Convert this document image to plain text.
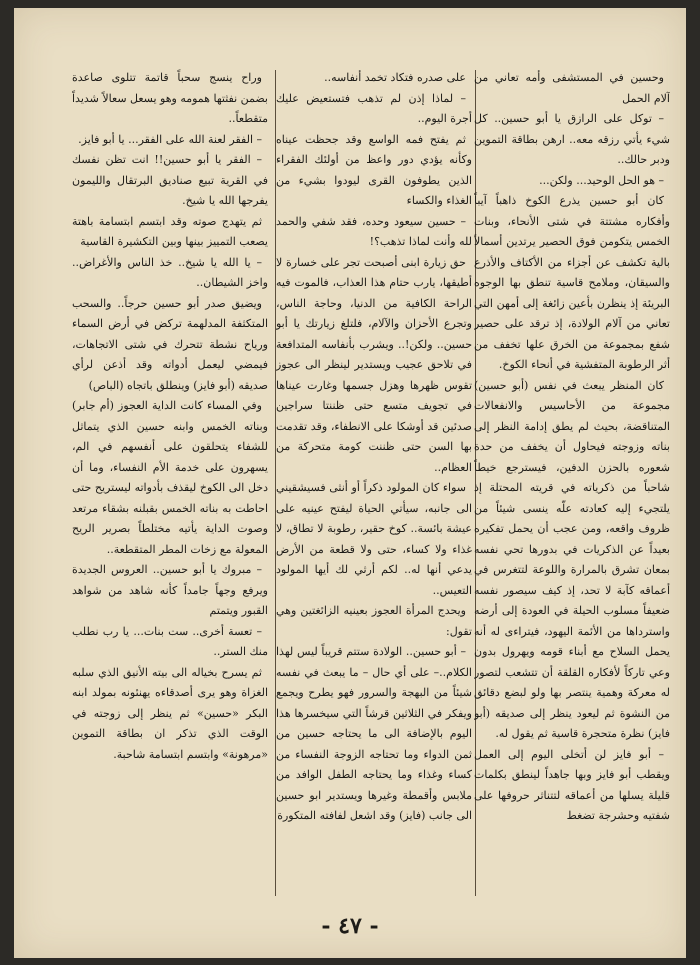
وحسين في المستشفى وأمه تعاني من آلام الحمل

– توكل على الرازق يا أبو حسين.. كل شيء يأتي رزقه معه.. ارهن بطاقة التموين ودبر حالك..

– هو الحل الوحيد... ولكن...

كان أبو حسين يذرع الكوخ ذاهباً آيباً وأفكاره مشتتة في شتى الأنحاء، وبنات الخمس يتكومن فوق الحصير يرتدين أسمالاً بالية تكشف عن أجزاء من الأكتاف والأذرع والسيقان، وملامح قاسية تنطق بها الوجوه البريئة إذ ينظرن بأعين زائغة إلى أمهن التي تعاني من آلام الولادة، إذ ترقد على حصير شفع بمجموعة من الخرق علها تخفف من أثر الرطوبة المتفشية في أنحاء الكوخ.

كان المنظر يبعث في نفس (أبو حسين) مجموعة من الأحاسيس والانفعالات المتناقضة، بحيث لم يطق إدامة النظر إلى بناته وزوجته فيحاول أن يخفف من حدة شعوره بالحزن الدفين، فيسترجع خيطاً شاحباً من ذكرياته في قريته المحتلة إذ يلتجيء إليه كعادته علّه ينسى شيئاً من ظروف واقعه، ومن عجب أن يحمل تفكيره بعيداً عن الذكريات في بدورها تحي نفسه بمعان تشرق بالمرارة واللوعة لتتغرس في أعماقه كآبة لا تحد، إذ كيف سيصور نفسه ضعيفاً مسلوب الحيلة في العودة إلى أرضه واسترداها من الأئمة اليهود، فيتراءى له أنه يحمل السلاح مع أبناء قومه ويهرول بدون وعي تاركاً لأفكاره القلقة أن تتشعب لتصور له معركة وهمية ينتصر بها ولو لبضع دقائق من النشوة ثم ليعود ينظر إلى صديقه (أبو فايز) نظرة متحجرة قاسية ثم يقول له.

– أبو فايز لن أتخلى اليوم إلى العمل ويقطب أبو فايز وبها جاهداً لينطق بكلمات قليلة يسلها من أعماقه لتتناثر حروفها على شفتيه وحشرجة تضغط

على صدره فتكاد تخمد أنفاسه..

– لماذا إذن لم تذهب فتستعيض عليك أجرة اليوم..

ثم يفتح فمه الواسع وقد جحظت عيناه وكأنه يؤدي دور واعظ من أولئك الفقراء الذين يطوفون القرى ليودوا بشيء من الغذاء والكساء

– حسين سيعود وحده، فقد شفي والحمد لله وأنت لماذا تذهب؟!

حق زيارة ابنى أصبحت تجر على خسارة لا أطيقها، يارب حتام هذا العذاب، فالموت فيه الراحة الكافية من الدنيا، وحاجة الناس، وتجرع الأحزان والآلام، فلتلغ زيارتك يا أبو حسين.. ولكن!.. ويشرب بأنفاسه المتدافعة في تلاحق عجيب ويستدير لينظر الى عجوز تقوس ظهرها وهزل جسمها وغارت عيناها في تجويف متسع حتى ظننتا سراجين صدئين قد أوشكا على الانطفاء، وقد تقدمت بها السن حتى ظننت كومة متحركة من العظام..

سواء كان المولود ذكراً أو أنثى فسيشقيني الى جانبه، سيأتي الحياة ليفتح عينيه على عيشة بائسة.. كوخ حقير، رطوبة لا تطاق، لا غذاء ولا كساء، حتى ولا قطعة من الأرض يدعي أنها له.. لكم أرثي لك أيها المولود التعيس..

ويحدج المرأة العجوز بعينيه الزائغتين وهي تقول:

– أبو حسين.. الولادة ستتم قريباً ليس لهذا الكلام..– على أي حال – ما يبعث في نفسه شيئاً من البهجة والسرور فهو يطرح ويجمع ويفكر في الثلاثين قرشاً التي سيخسرها هذا اليوم بالإضافة الى ما يحتاجه حسين من ثمن الدواء وما تحتاجه الزوجة النفساء من كساء وغذاء وما يحتاجه الطفل الوافد من ملابس وأقمطة وغيرها ويستدير ابو حسين الى جانب (فايز) وقد اشعل لفافته المتكورة

وراح ينسج سحباً قاتمة تتلوى صاعدة بضمن نفثتها همومه وهو يسعل سعالاً شديداً متقطعاً..

– الفقر لعنة الله على الفقر... يا أبو فايز.

– الفقر يا أبو حسين!! انت تظن نفسك في القرية تبيع صناديق البرتقال والليمون يفرجها الله يا شيخ.

ثم يتهدج صوته وقد ابتسم ابتسامة باهتة يصعب التمييز بينها وبين التكشيرة القاسية

– يا الله يا شيخ.. خذ الناس والأغراض.. واخز الشيطان..

ويضيق صدر أبو حسين حرجاً.. والسحب المتكثفة المدلهمة تركض في أرض السماء ورياح نشطة تتحرك في شتى الاتجاهات، فيمضي ليعمل أدواته وقد أذعن لرأي صديقه (أبو فايز) وينطلق باتجاه (الباص)

وفي المساء كانت الداية العجوز (أم جابر) وبناته الخمس وابنه حسين الذي يتماثل للشفاء يتحلقون على أنفسهم في الم، يسهرون على خدمة الأم النفساء، وما أن دخل الى الكوخ ليقذف بأدواته ليستريح حتى احاطت به بناته الخمس بقبلنه بشقاء مرتعد وصوت الداية يأتيه مختلطاً بصرير الريح المعولة مع زخات المطر المتقطعة..

– مبروك يا أبو حسين.. العروس الجديدة ويرفع وجهاً جامداً كأنه شاهد من شواهد القبور ويتمتم

– تعسة أخرى.. ست بنات... يا رب نطلب منك الستر..

ثم يسرح بخياله الى بيته الأنيق الذي سلبه الغزاة وهو يرى أصدقاءه يهنئونه بمولد ابنه البكر «حسين» ثم ينظر إلى زوجته في الوقت الذي تذكر ان بطاقة التموين «مرهونة» وابتسم ابتسامة شاحبة.

- ٤٧ -
